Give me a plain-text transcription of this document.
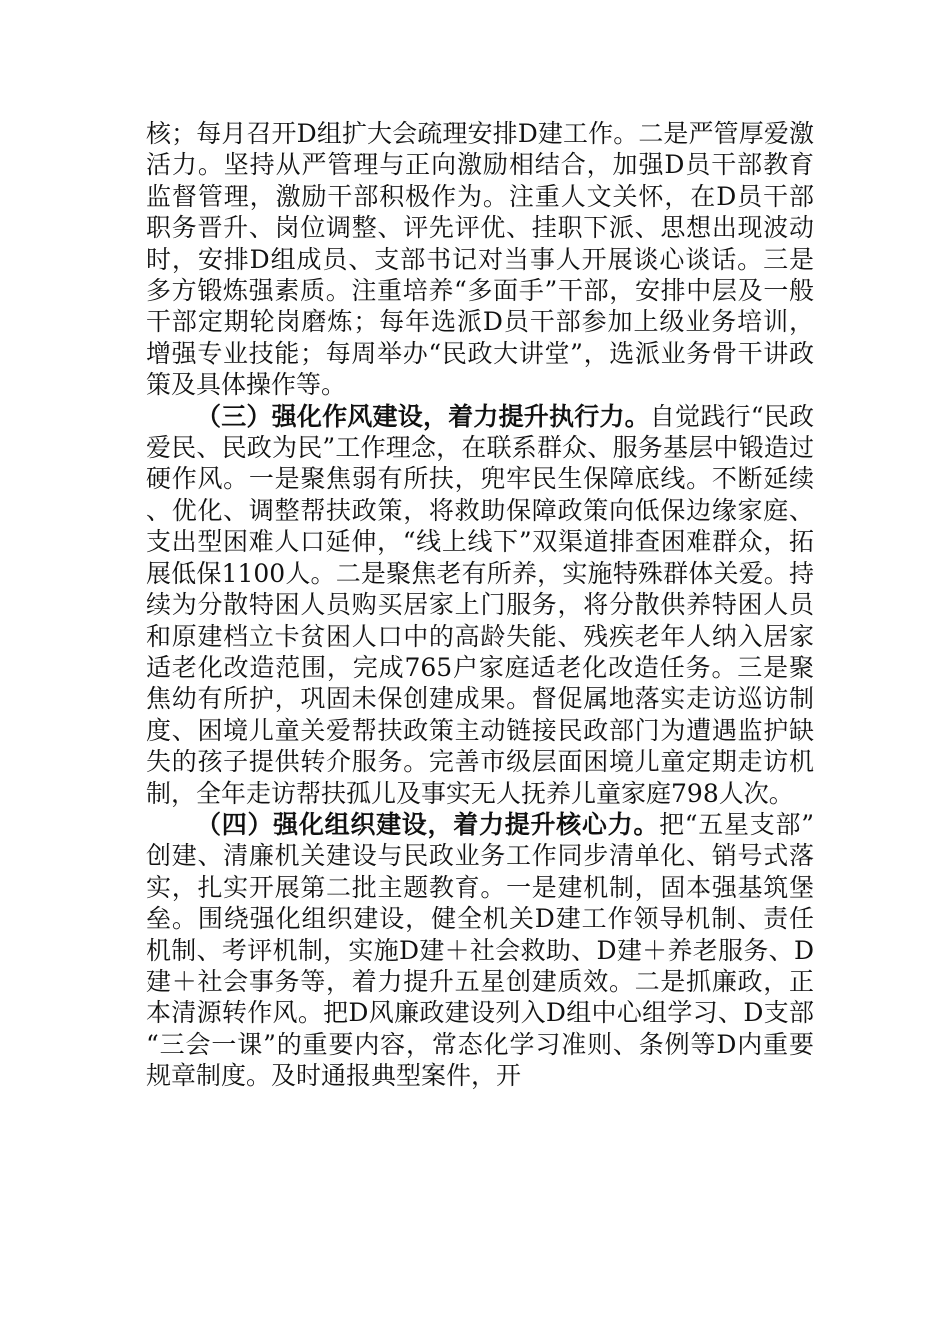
核；每月召开D组扩大会疏理安排D建工作。二是严管厚爱激活力。坚持从严管理与正向激励相结合，加强D员干部教育监督管理，激励干部积极作为。注重人文关怀，在D员干部职务晋升、岗位调整、评先评优、挂职下派、思想出现波动时，安排D组成员、支部书记对当事人开展谈心谈话。三是多方锻炼强素质。注重培养“多面手”干部，安排中层及一般干部定期轮岗磨炼；每年选派D员干部参加上级业务培训，增强专业技能；每周举办“民政大讲堂”，选派业务骨干讲政策及具体操作等。

（三）强化作风建设，着力提升执行力。自觉践行“民政爱民、民政为民”工作理念，在联系群众、服务基层中锻造过硬作风。一是聚焦弱有所扶，兜牢民生保障底线。不断延续、优化、调整帮扶政策，将救助保障政策向低保边缘家庭、支出型困难人口延伸，“线上线下”双渠道排查困难群众，拓展低保1100人。二是聚焦老有所养，实施特殊群体关爱。持续为分散特困人员购买居家上门服务，将分散供养特困人员和原建档立卡贫困人口中的高龄失能、残疾老年人纳入居家适老化改造范围，完成765户家庭适老化改造任务。三是聚焦幼有所护，巩固未保创建成果。督促属地落实走访巡访制度、困境儿童关爱帮扶政策主动链接民政部门为遭遇监护缺失的孩子提供转介服务。完善市级层面困境儿童定期走访机制，全年走访帮扶孤儿及事实无人抚养儿童家庭798人次。

（四）强化组织建设，着力提升核心力。把“五星支部”创建、清廉机关建设与民政业务工作同步清单化、销号式落实，扎实开展第二批主题教育。一是建机制，固本强基筑堡垒。围绕强化组织建设，健全机关D建工作领导机制、责任机制、考评机制，实施D建＋社会救助、D建＋养老服务、D建＋社会事务等，着力提升五星创建质效。二是抓廉政，正本清源转作风。把D风廉政建设列入D组中心组学习、D支部“三会一课”的重要内容，常态化学习准则、条例等D内重要规章制度。及时通报典型案件，开
